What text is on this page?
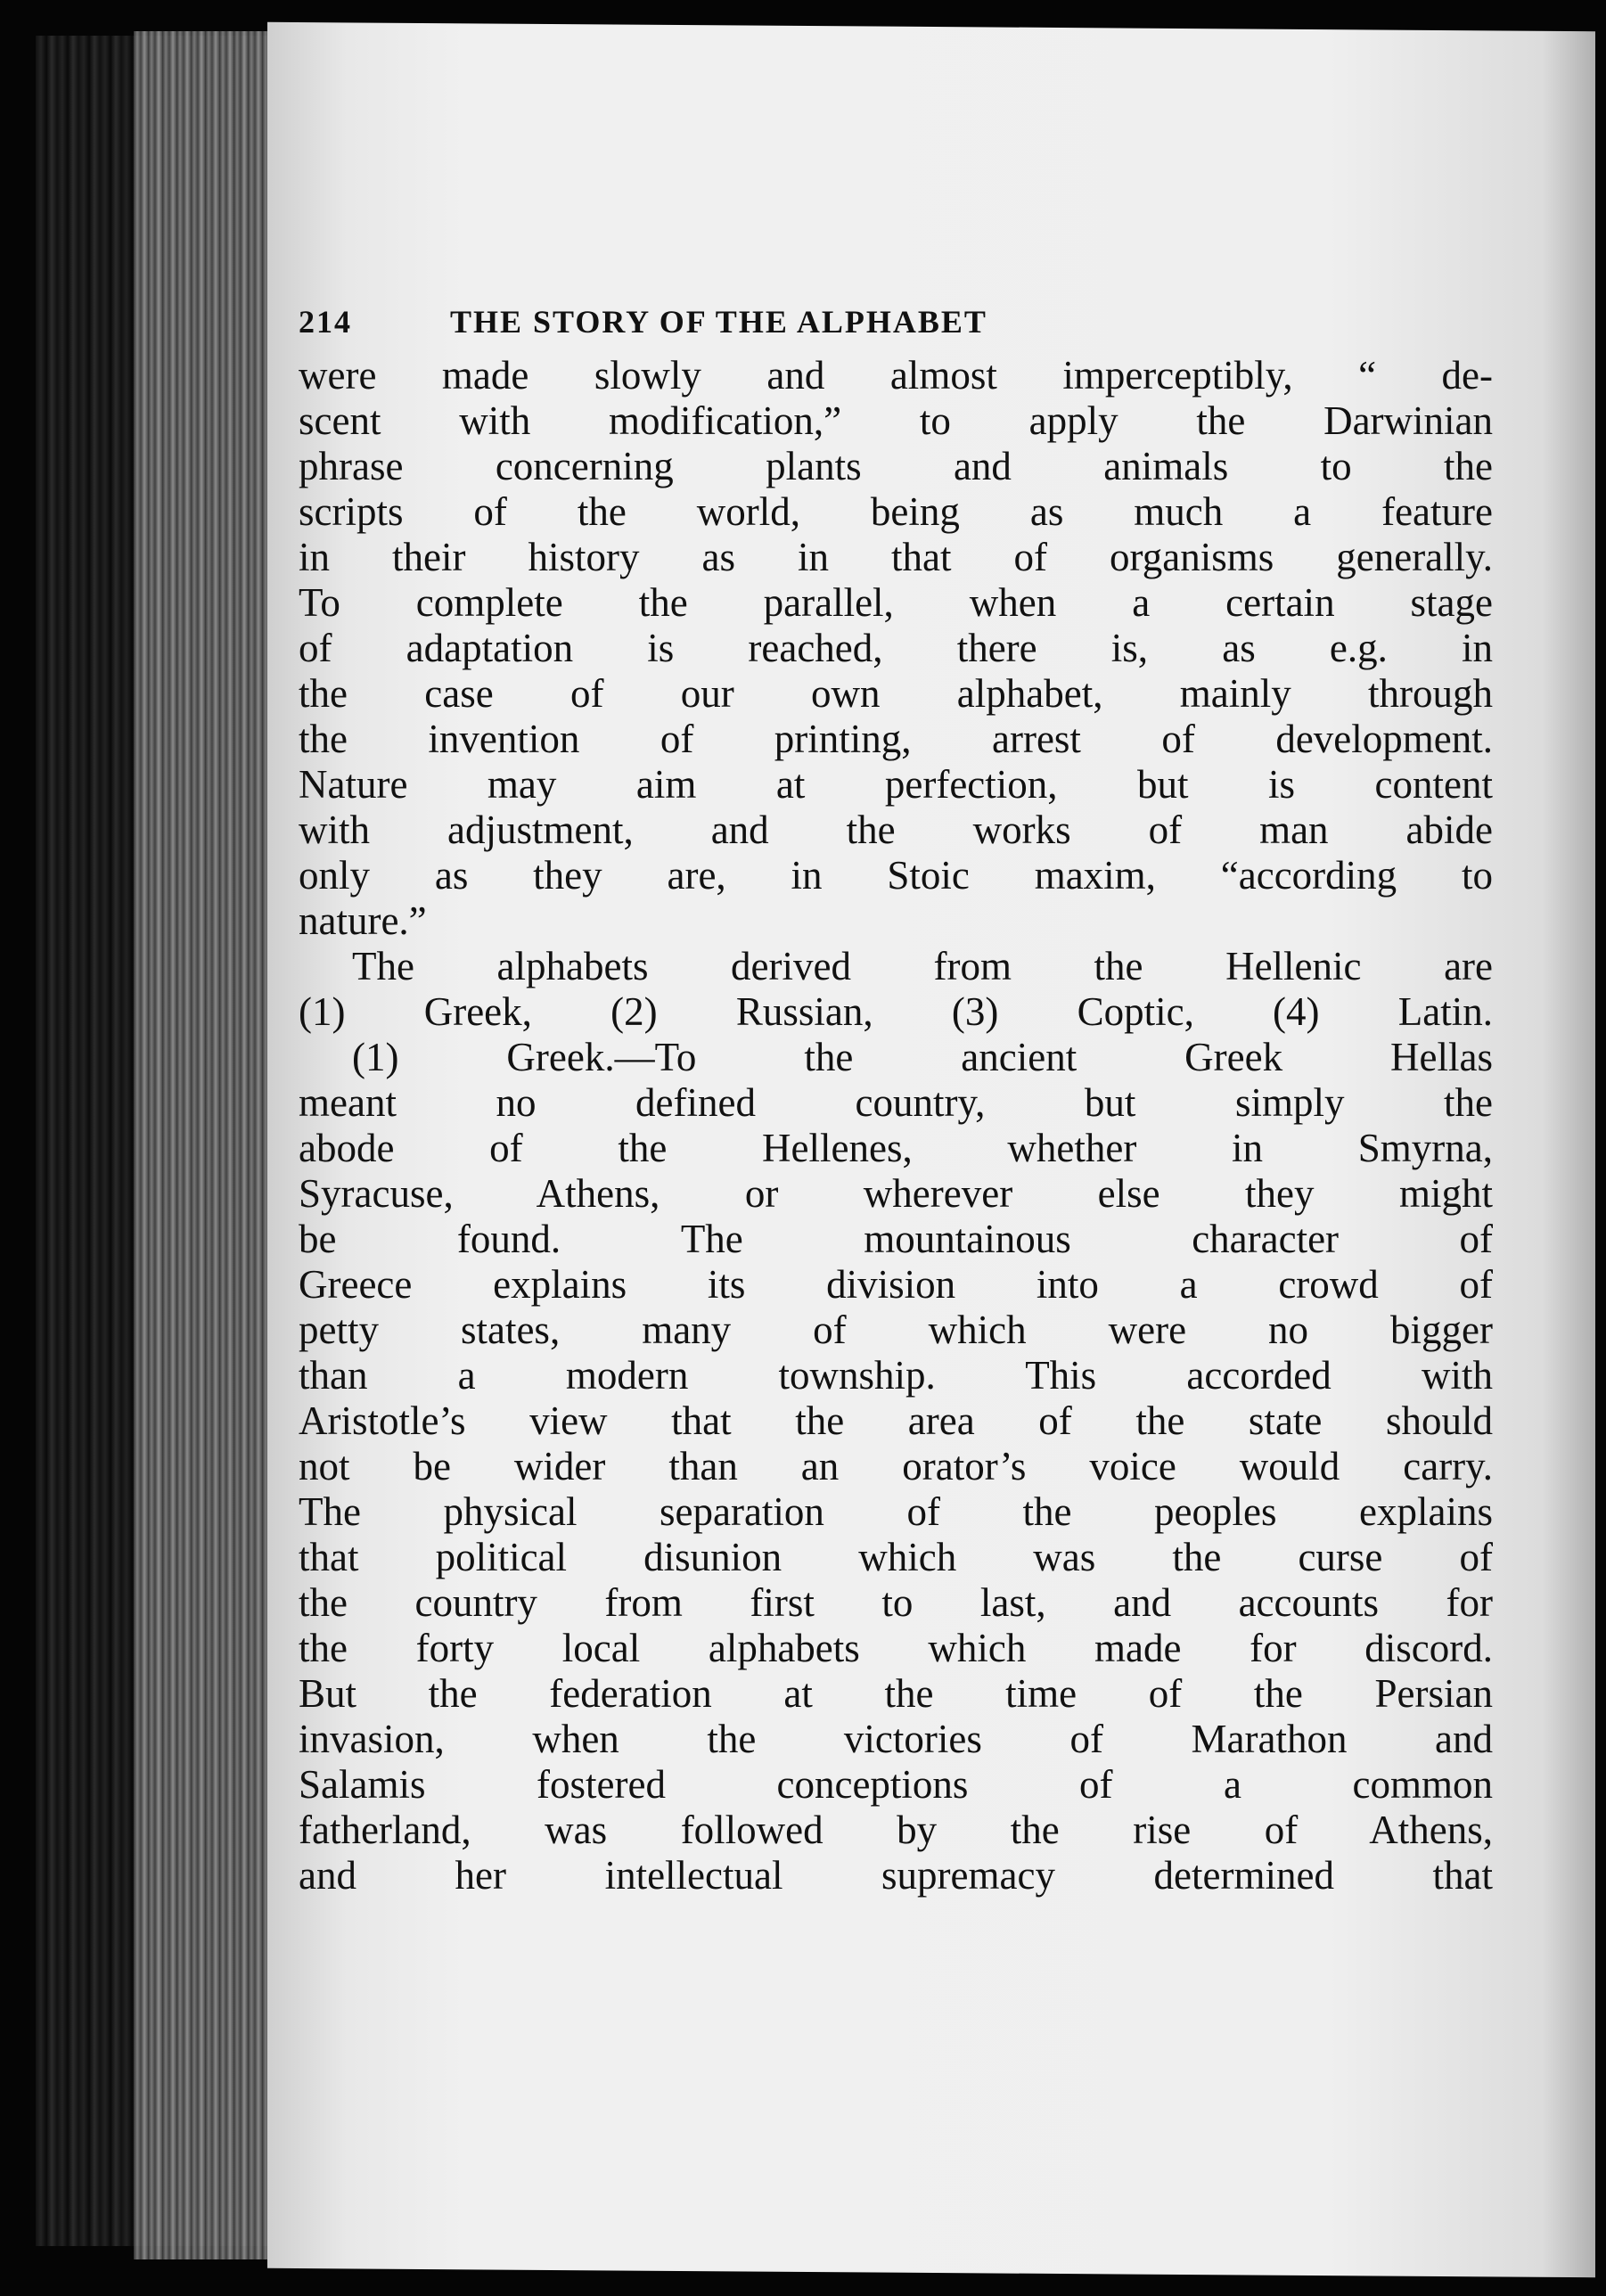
214	THE STORY OF THE ALPHABET
were made slowly and almost imperceptibly, “ de-
scent with modification,” to apply the Darwinian
phrase concerning plants and animals to the
scripts of the world, being as much a feature
in their history as in that of organisms generally.
To complete the parallel, when a certain stage
of adaptation is reached, there is, as e.g. in
the case of our own alphabet, mainly through
the invention of printing, arrest of development.
Nature may aim at perfection, but is content
with adjustment, and the works of man abide
only as they are, in Stoic maxim, “according to
nature.”
The alphabets derived from the Hellenic are
(1) Greek, (2) Russian, (3) Coptic, (4) Latin.
(1) Greek.—To the ancient Greek Hellas
meant no defined country, but simply the
abode of the Hellenes, whether in Smyrna,
Syracuse, Athens, or wherever else they might
be found. The mountainous character of
Greece explains its division into a crowd of
petty states, many of which were no bigger
than a modern township. This accorded with
Aristotle’s view that the area of the state should
not be wider than an orator’s voice would carry.
The physical separation of the peoples explains
that political disunion which was the curse of
the country from first to last, and accounts for
the forty local alphabets which made for discord.
But the federation at the time of the Persian
invasion, when the victories of Marathon and
Salamis fostered conceptions of a common
fatherland, was followed by the rise of Athens,
and her intellectual supremacy determined that
